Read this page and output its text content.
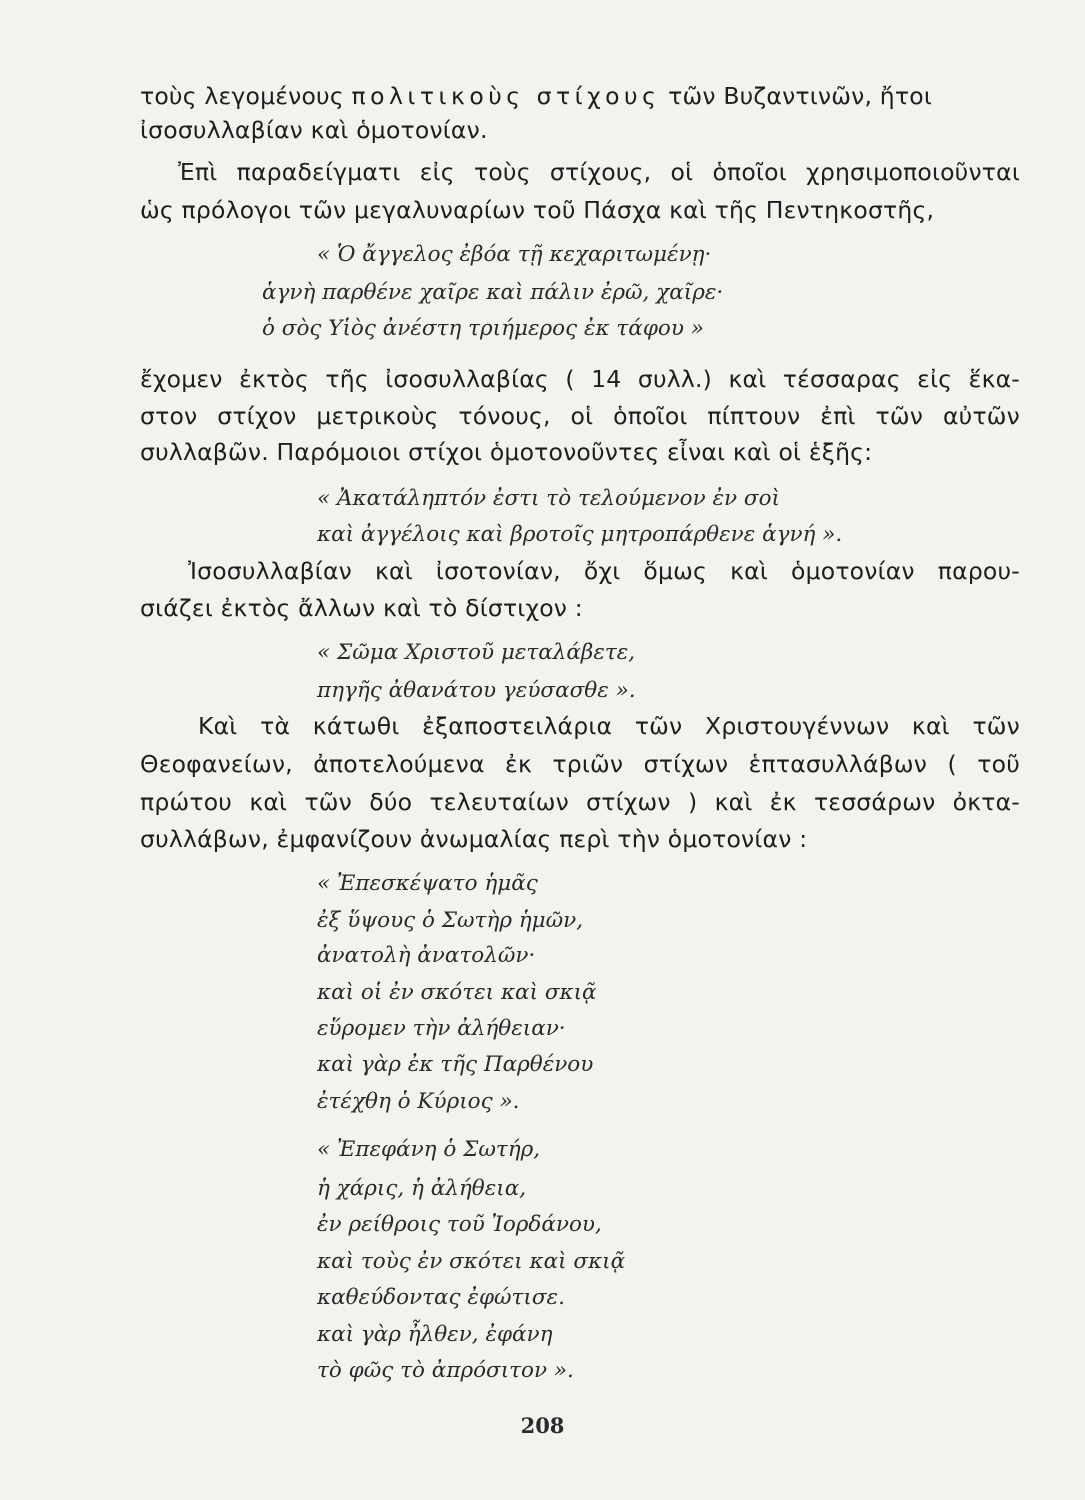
τοὺς λεγομένους πολιτικοὺς στίχους τῶν Βυζαντινῶν, ἤτοι
ἰσοσυλλαβίαν καὶ ὁμοτονίαν.
Ἐπὶ παραδείγματι εἰς τοὺς στίχους, οἱ ὁποῖοι χρησιμοποιοῦνται
ὡς πρόλογοι τῶν μεγαλυναρίων τοῦ Πάσχα καὶ τῆς Πεντηκοστῆς,
« Ὁ ἄγγελος ἐβόα τῇ κεχαριτωμένῃ·
ἁγνὴ παρθένε χαῖρε καὶ πάλιν ἐρῶ, χαῖρε·
ὁ σὸς Υἱὸς ἀνέστη τριήμερος ἐκ τάφου »
ἔχομεν ἐκτὸς τῆς ἰσοσυλλαβίας ( 14 συλλ.) καὶ τέσσαρας εἰς ἕκα-
στον στίχον μετρικοὺς τόνους, οἱ ὁποῖοι πίπτουν ἐπὶ τῶν αὐτῶν
συλλαβῶν. Παρόμοιοι στίχοι ὁμοτονοῦντες εἶναι καὶ οἱ ἑξῆς:
« Ἀκατάληπτόν ἐστι τὸ τελούμενον ἐν σοὶ
καὶ ἀγγέλοις καὶ βροτοῖς μητροπάρθενε ἁγνή ».
Ἰσοσυλλαβίαν καὶ ἰσοτονίαν, ὄχι ὅμως καὶ ὁμοτονίαν παρου-
σιάζει ἐκτὸς ἄλλων καὶ τὸ δίστιχον :
« Σῶμα Χριστοῦ μεταλάβετε,
πηγῆς ἀθανάτου γεύσασθε ».
Καὶ τὰ κάτωθι ἐξαποστειλάρια τῶν Χριστουγέννων καὶ τῶν
Θεοφανείων, ἀποτελούμενα ἐκ τριῶν στίχων ἑπτασυλλάβων ( τοῦ
πρώτου καὶ τῶν δύο τελευταίων στίχων ) καὶ ἐκ τεσσάρων ὀκτα-
συλλάβων, ἐμφανίζουν ἀνωμαλίας περὶ τὴν ὁμοτονίαν :
« Ἐπεσκέψατο ἡμᾶς
ἐξ ὕψους ὁ Σωτὴρ ἡμῶν,
ἀνατολὴ ἀνατολῶν·
καὶ οἱ ἐν σκότει καὶ σκιᾷ
εὕρομεν τὴν ἀλήθειαν·
καὶ γὰρ ἐκ τῆς Παρθένου
ἐτέχθη ὁ Κύριος ».
« Ἐπεφάνη ὁ Σωτήρ,
ἡ χάρις, ἡ ἀλήθεια,
ἐν ρείθροις τοῦ Ἰορδάνου,
καὶ τοὺς ἐν σκότει καὶ σκιᾷ
καθεύδοντας ἐφώτισε.
καὶ γὰρ ἦλθεν, ἐφάνη
τὸ φῶς τὸ ἀπρόσιτον ».
208
